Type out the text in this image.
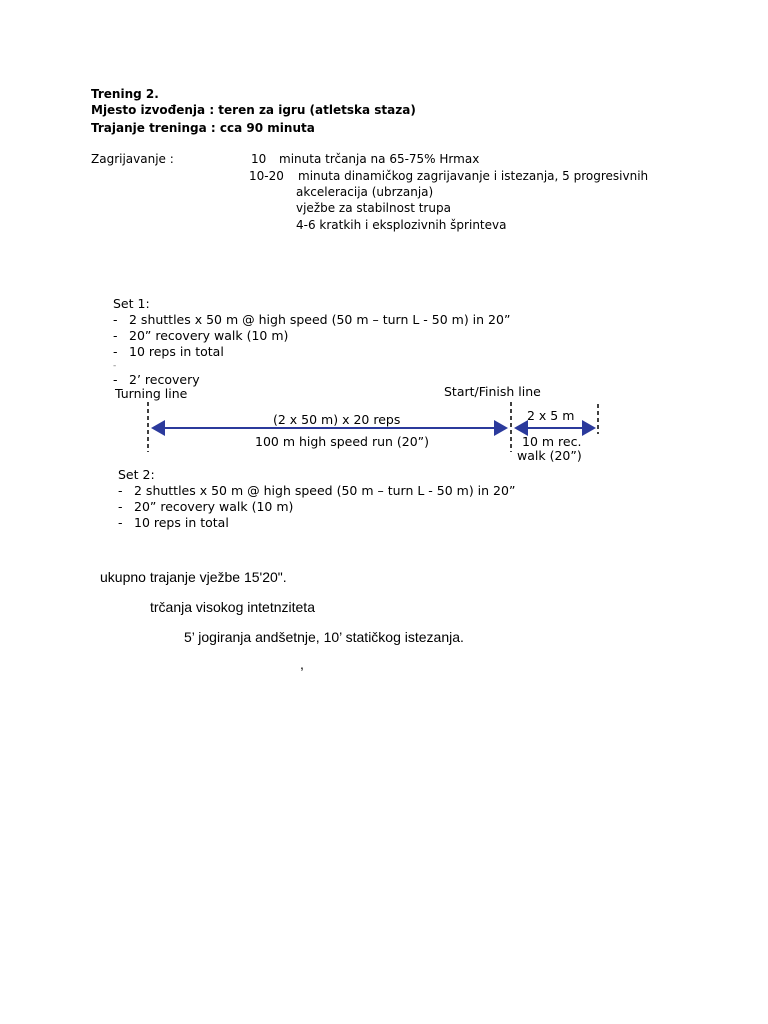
Trening 2.
Mjesto izvođenja : teren za igru (atletska staza)
Trajanje treninga : cca 90 minuta
Zagrijavanje :	10 minuta trčanja na 65-75% Hrmax
10-20 minuta dinamičkog zagrijavanje i istezanja, 5 progresivnih
akceleracija (ubrzanja)
vježbe za stabilnost trupa
4-6 kratkih i eksplozivnih šprinteva
Set 1:
- 2 shuttles x 50 m @ high speed (50 m – turn L - 50 m) in 20”
- 20” recovery walk (10 m)
- 10 reps in total
-
- 2’ recovery
Turning line	Start/Finish line
(2 x 50 m) x 20 reps
100 m high speed run (20”)
2 x 5 m
10 m rec.
walk (20”)
Set 2:
- 2 shuttles x 50 m @ high speed (50 m – turn L - 50 m) in 20”
- 20” recovery walk (10 m)
- 10 reps in total
ukupno trajanje vježbe 15'20".
trčanja visokog intetnziteta
5’ jogiranja andšetnje, 10’ statičkog istezanja.
,
